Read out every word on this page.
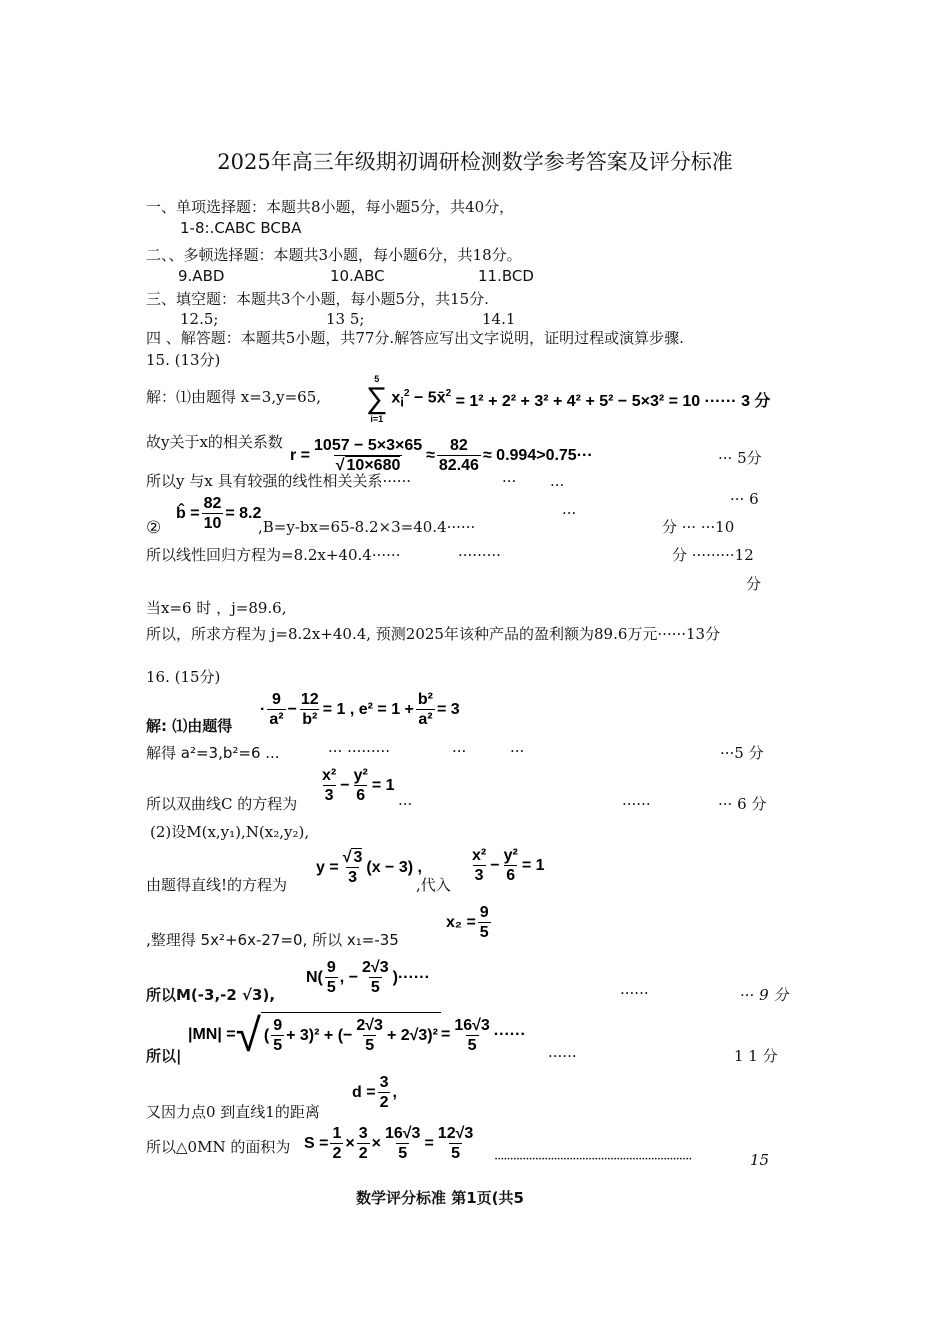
2025年高三年级期初调研检测数学参考答案及评分标准
一、单项选择题：本题共8小题，每小题5分，共40分，
1-8:.CABC BCBA
二、、多顿选择题：本题共3小题，每小题6分，共18分。
9.ABD	10.ABC	11.BCD
三、填空题：本题共3个小题，每小题5分，共15分.
12.5;	13 5;	14.1
四 、解答题：本题共5小题，共77分.解答应写出文字说明，证明过程或演算步骤.
15. (13分)
解：⑴由题得 x=3,y=65,
5
∑
i=1
$x_i^2$ − 5x̄$^2$ = 1² + 2² + 3² + 4² + 5² − 5×3² = 10 ······ 3 分
故y关于x的相关系数
$r = \frac{1057 - 5\times 3\times 65}{√ 10\times 680} \approx \frac{82}{82.46} \approx 0.994>0.75\cdot\cdot\cdot$	··· 5分
所以y 与x 具有较强的线性相关关系······	··· ···
··· 6
···
②
b̂ = $\frac{82}{10} = 8.2$
,B=y-bx=65-8.2×3=40.4······	分 ··· ···10
所以线性回归方程为=8.2x+40.4······	·········	分 ·········12
分
当x=6 时 ，j=89.6,
所以，所求方程为 j=8.2x+40.4, 预测2025年该种产品的盈利额为89.6万元······13分
16. (15分)
解: ⑴由题得
· $\frac{9}{\text{a²}} - \frac{12}{\text{b²}} = 1$ , $e^2 = 1 + \frac{\text{b²}}{\text{a²}} = 3$
解得 a²=3,b²=6 ...	··· ·········	···	···	···5 分
所以双曲线C 的方程为 $\frac{\text{x²}}{3} - \frac{\text{y²}}{6} = 1$
···	······	··· 6 分
(2)设M(x,y₁),N(x₂,y₂),
由题得直线!的方程为
$y = \frac{√ 3}{3} (x - 3)$ ,
,代入 $\frac{\text{x²}}{3} - \frac{\text{y²}}{6} = 1$
,整理得 5x²+6x-27=0, 所以 x₁=-35
$x_2 = \frac{9}{5}$
所以M(-3,-2 √3),
$N( \frac{9}{5}$ , − $\frac{2√3}{5}$ )······
······	··· 9 分
所以|
|MN| = √ ( $\frac{9}{5} + 3)^2$ + (− $\frac{2√3}{5} + 2√3)^2 = \frac{16√3}{5}$ ······
······	1 1 分
又因力点0 到直线1的距离
$d = \frac{3}{2}$ ,
所以△0MN 的面积为 $S = \frac{1}{2} \times \frac{3}{2} \times \frac{16√3}{5} = \frac{12√3}{5}$ ·······························································	15
数学评分标准 第1页(共5
